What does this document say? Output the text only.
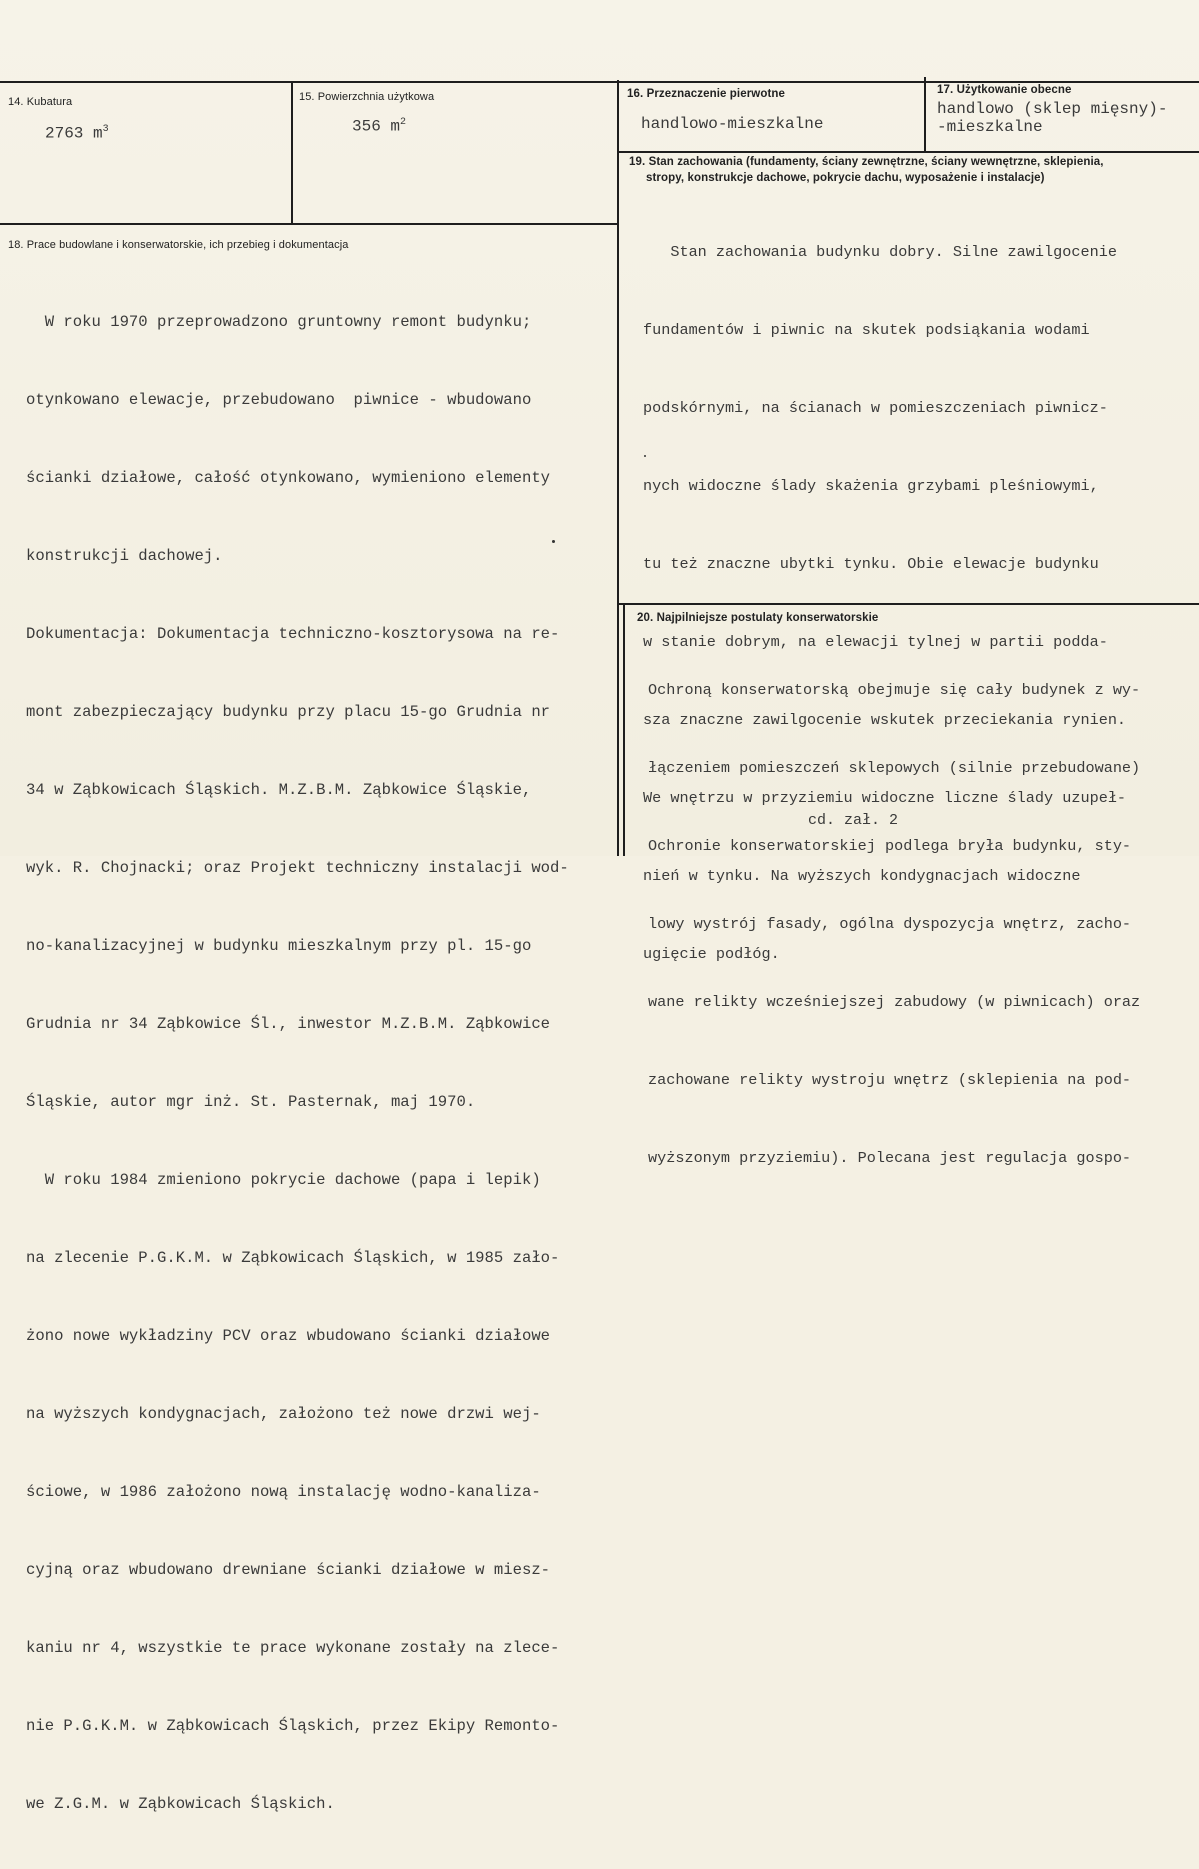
14. Kubatura
2763 $m^3$
15. Powierzchnia użytkowa
356 $m^2$
16. Przeznaczenie pierwotne
handlowo-mieszkalne
17. Użytkowanie obecne
handlowo (sklep mięsny)-
-mieszkalne
19. Stan zachowania (fundamenty, ściany zewnętrzne, ściany wewnętrzne, sklepienia,
stropy, konstrukcje dachowe, pokrycie dachu, wyposażenie i instalacje)

Stan zachowania budynku dobry. Silne zawilgocenie

fundamentów i piwnic na skutek podsiąkania wodami

podskórnymi, na ścianach w pomieszczeniach piwnicz-

nych widoczne ślady skażenia grzybami pleśniowymi,

tu też znaczne ubytki tynku. Obie elewacje budynku

w stanie dobrym, na elewacji tylnej w partii podda-

sza znaczne zawilgocenie wskutek przeciekania rynien.

We wnętrzu w przyziemiu widoczne liczne ślady uzupeł-

nień w tynku. Na wyższych kondygnacjach widoczne

ugięcie podłóg.

18. Prace budowlane i konserwatorskie, ich przebieg i dokumentacja

W roku 1970 przeprowadzono gruntowny remont budynku;

otynkowano elewacje, przebudowano  piwnice - wbudowano

ścianki działowe, całość otynkowano, wymieniono elementy

konstrukcji dachowej.

Dokumentacja: Dokumentacja techniczno-kosztorysowa na re-

mont zabezpieczający budynku przy placu 15-go Grudnia nr

34 w Ząbkowicach Śląskich. M.Z.B.M. Ząbkowice Śląskie,

wyk. R. Chojnacki; oraz Projekt techniczny instalacji wod-

no-kanalizacyjnej w budynku mieszkalnym przy pl. 15-go

Grudnia nr 34 Ząbkowice Śl., inwestor M.Z.B.M. Ząbkowice

Śląskie, autor mgr inż. St. Pasternak, maj 1970.

W roku 1984 zmieniono pokrycie dachowe (papa i lepik)

na zlecenie P.G.K.M. w Ząbkowicach Śląskich, w 1985 zało-

żono nowe wykładziny PCV oraz wbudowano ścianki działowe

na wyższych kondygnacjach, założono też nowe drzwi wej-

ściowe, w 1986 założono nową instalację wodno-kanaliza-

cyjną oraz wbudowano drewniane ścianki działowe w miesz-

kaniu nr 4, wszystkie te prace wykonane zostały na zlece-

nie P.G.K.M. w Ząbkowicach Śląskich, przez Ekipy Remonto-

we Z.G.M. w Ząbkowicach Śląskich.

20. Najpilniejsze postulaty konserwatorskie

Ochroną konserwatorską obejmuje się cały budynek z wy-

łączeniem pomieszczeń sklepowych (silnie przebudowane)

Ochronie konserwatorskiej podlega bryła budynku, sty-

lowy wystrój fasady, ogólna dyspozycja wnętrz, zacho-

wane relikty wcześniejszej zabudowy (w piwnicach) oraz

zachowane relikty wystroju wnętrz (sklepienia na pod-

wyższonym przyziemiu). Polecana jest regulacja gospo-

cd. zał. 2
